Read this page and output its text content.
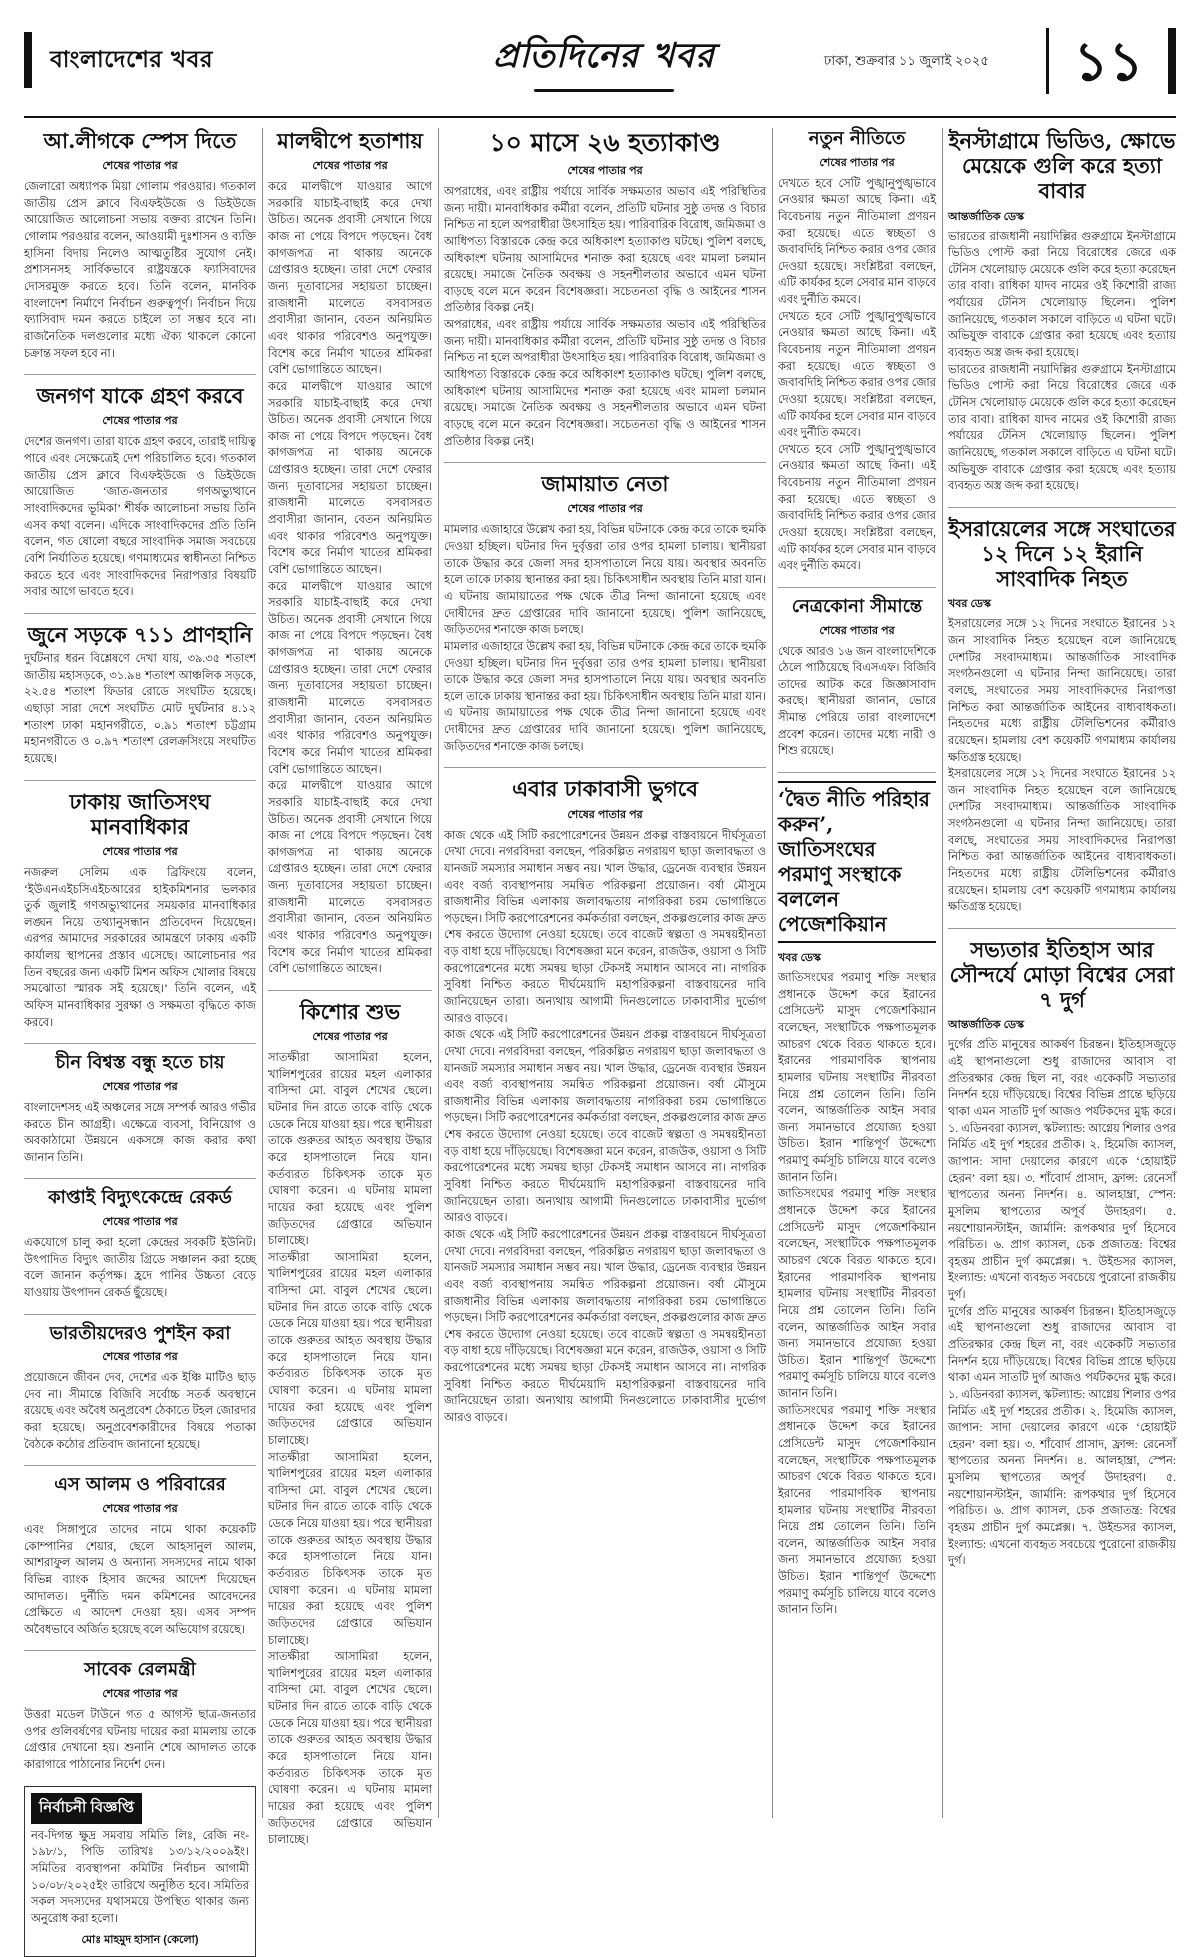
বাংলাদেশের খবর	প্রতিদিনের খবর	ঢাকা, শুক্রবার ১১ জুলাই ২০২৫	১১
আ.লীগকে স্পেস দিতে
শেষের পাতার পর
জেলারো অধ্যাপক মিয়া গোলাম পরওয়ার। গতকাল জাতীয় প্রেস ক্লাবে বিএফইউজে ও ডিইউজে আয়োজিত আলোচনা সভায় বক্তব্য রাখেন তিনি। গোলাম পরওয়ার বলেন, আওয়ামী দুঃশাসন ও ব্যক্তি হাসিনা বিদায় নিলেও আত্মতুষ্টির সুযোগ নেই। প্রশাসনসহ সার্বিকভাবে রাষ্ট্রযন্ত্রকে ফ্যাসিবাদের দোসরমুক্ত করতে হবে। তিনি বলেন, মানবিক বাংলাদেশ নির্মাণে নির্বাচন গুরুত্বপূর্ণ। নির্বাচন দিয়ে ফ্যাসিবাদ দমন করতে চাইলে তা সম্ভব হবে না। রাজনৈতিক দলগুলোর মধ্যে ঐক্য থাকলে কোনো চক্রান্ত সফল হবে না।
জনগণ যাকে গ্রহণ করবে
শেষের পাতার পর
দেশের জনগণ। তারা যাকে গ্রহণ করবে, তারাই দায়িত্ব পাবে এবং সেক্ষেত্রেই দেশ পরিচালিত হবে। গতকাল জাতীয় প্রেস ক্লাবে বিএফইউজে ও ডিইউজে আয়োজিত ‘জাত-জনতার গণঅভ্যুত্থানে সাংবাদিকদের ভূমিকা’ শীর্ষক আলোচনা সভায় তিনি এসব কথা বলেন। এদিকে সাংবাদিকদের প্রতি তিনি বলেন, গত ষোলো বছরে সাংবাদিক সমাজ সবচেয়ে বেশি নির্যাতিত হয়েছে। গণমাধ্যমের স্বাধীনতা নিশ্চিত করতে হবে এবং সাংবাদিকদের নিরাপত্তার বিষয়টি সবার আগে ভাবতে হবে।
জুনে সড়কে ৭১১ প্রাণহানি
দুর্ঘটনার ধরন বিশ্লেষণে দেখা যায়, ৩৯.৩৫ শতাংশ জাতীয় মহাসড়কে, ৩১.৯৪ শতাংশ আঞ্চলিক সড়কে, ২২.৫৪ শতাংশ ফিডার রোডে সংঘটিত হয়েছে। এছাড়া সারা দেশে সংঘটিত মোট দুর্ঘটনার ৪.১২ শতাংশ ঢাকা মহানগরীতে, ০.৯১ শতাংশ চট্টগ্রাম মহানগরীতে ও ০.৯৭ শতাংশ রেলক্রসিংয়ে সংঘটিত হয়েছে।
ঢাকায় জাতিসংঘ মানবাধিকার
শেষের পাতার পর
নজরুল সেলিম এক ব্রিফিংয়ে বলেন, ‘ইউএনএইচসিএইচআরের হাইকমিশনার ভলকার তুর্ক জুলাই গণঅভ্যুত্থানের সময়কার মানবাধিকার লঙ্ঘন নিয়ে তথ্যানুসন্ধান প্রতিবেদন দিয়েছেন। এরপর আমাদের সরকারের আমন্ত্রণে ঢাকায় একটি কার্যালয় স্থাপনের প্রস্তাব এসেছে। আলোচনার পর তিন বছরের জন্য একটি মিশন অফিস খোলার বিষয়ে সমঝোতা স্মারক সই হয়েছে।’ তিনি বলেন, এই অফিস মানবাধিকার সুরক্ষা ও সক্ষমতা বৃদ্ধিতে কাজ করবে।
চীন বিশ্বস্ত বন্ধু হতে চায়
শেষের পাতার পর
বাংলাদেশসহ এই অঞ্চলের সঙ্গে সম্পর্ক আরও গভীর করতে চীন আগ্রহী। এক্ষেত্রে ব্যবসা, বিনিয়োগ ও অবকাঠামো উন্নয়নে একসঙ্গে কাজ করার কথা জানান তিনি।
কাপ্তাই বিদ্যুৎকেন্দ্রে রেকর্ড
শেষের পাতার পর
একযোগে চালু করা হলো কেন্দ্রের সবকটি ইউনিট। উৎপাদিত বিদ্যুৎ জাতীয় গ্রিডে সঞ্চালন করা হচ্ছে বলে জানান কর্তৃপক্ষ। হ্রদে পানির উচ্চতা বেড়ে যাওয়ায় উৎপাদন রেকর্ড ছুঁয়েছে।
ভারতীয়দেরও পুশইন করা
শেষের পাতার পর
প্রয়োজনে জীবন দেব, দেশের এক ইঞ্চি মাটিও ছাড় দেব না। সীমান্তে বিজিবি সর্বোচ্চ সতর্ক অবস্থানে রয়েছে এবং অবৈধ অনুপ্রবেশ ঠেকাতে টহল জোরদার করা হয়েছে। অনুপ্রবেশকারীদের বিষয়ে পতাকা বৈঠকে কঠোর প্রতিবাদ জানানো হয়েছে।
এস আলম ও পরিবারের
শেষের পাতার পর
এবং সিঙ্গাপুরে তাদের নামে থাকা কয়েকটি কোম্পানির শেয়ার, ছেলে আহসানুল আলম, আশরাফুল আলম ও অন্যান্য সদস্যদের নামে থাকা বিভিন্ন ব্যাংক হিসাব জব্দের আদেশ দিয়েছেন আদালত। দুর্নীতি দমন কমিশনের আবেদনের প্রেক্ষিতে এ আদেশ দেওয়া হয়। এসব সম্পদ অবৈধভাবে অর্জিত হয়েছে বলে অভিযোগ রয়েছে।
সাবেক রেলমন্ত্রী
শেষের পাতার পর
উত্তরা মডেল টাউনে গত ৫ আগস্ট ছাত্র-জনতার ওপর গুলিবর্ষণের ঘটনায় দায়ের করা মামলায় তাকে গ্রেপ্তার দেখানো হয়। শুনানি শেষে আদালত তাকে কারাগারে পাঠানোর নির্দেশ দেন।
নির্বাচনী বিজ্ঞপ্তি
নব-দিগন্ত ক্ষুদ্র সমবায় সমিতি লিঃ, রেজি নং- ১৯৮/১, পিডি তারিখঃ ১৩/১২/২০০৯ইং। সমিতির ব্যবস্থাপনা কমিটির নির্বাচন আগামী ১০/০৮/২০২৫ইং তারিখে অনুষ্ঠিত হবে। সমিতির সকল সদস্যদের যথাসময়ে উপস্থিত থাকার জন্য অনুরোধ করা হলো।
মোঃ মাহমুদ হাসান (কেলো)
মালদ্বীপে হতাশায়
শেষের পাতার পর
করে মালদ্বীপে যাওয়ার আগে সরকারি যাচাই-বাছাই করে দেখা উচিত। অনেক প্রবাসী সেখানে গিয়ে কাজ না পেয়ে বিপদে পড়ছেন। বৈধ কাগজপত্র না থাকায় অনেকে গ্রেপ্তারও হচ্ছেন। তারা দেশে ফেরার জন্য দূতাবাসের সহায়তা চাচ্ছেন। রাজধানী মালেতে বসবাসরত প্রবাসীরা জানান, বেতন অনিয়মিত এবং থাকার পরিবেশও অনুপযুক্ত। বিশেষ করে নির্মাণ খাতের শ্রমিকরা বেশি ভোগান্তিতে আছেন।
করে মালদ্বীপে যাওয়ার আগে সরকারি যাচাই-বাছাই করে দেখা উচিত। অনেক প্রবাসী সেখানে গিয়ে কাজ না পেয়ে বিপদে পড়ছেন। বৈধ কাগজপত্র না থাকায় অনেকে গ্রেপ্তারও হচ্ছেন। তারা দেশে ফেরার জন্য দূতাবাসের সহায়তা চাচ্ছেন। রাজধানী মালেতে বসবাসরত প্রবাসীরা জানান, বেতন অনিয়মিত এবং থাকার পরিবেশও অনুপযুক্ত। বিশেষ করে নির্মাণ খাতের শ্রমিকরা বেশি ভোগান্তিতে আছেন।
করে মালদ্বীপে যাওয়ার আগে সরকারি যাচাই-বাছাই করে দেখা উচিত। অনেক প্রবাসী সেখানে গিয়ে কাজ না পেয়ে বিপদে পড়ছেন। বৈধ কাগজপত্র না থাকায় অনেকে গ্রেপ্তারও হচ্ছেন। তারা দেশে ফেরার জন্য দূতাবাসের সহায়তা চাচ্ছেন। রাজধানী মালেতে বসবাসরত প্রবাসীরা জানান, বেতন অনিয়মিত এবং থাকার পরিবেশও অনুপযুক্ত। বিশেষ করে নির্মাণ খাতের শ্রমিকরা বেশি ভোগান্তিতে আছেন।
করে মালদ্বীপে যাওয়ার আগে সরকারি যাচাই-বাছাই করে দেখা উচিত। অনেক প্রবাসী সেখানে গিয়ে কাজ না পেয়ে বিপদে পড়ছেন। বৈধ কাগজপত্র না থাকায় অনেকে গ্রেপ্তারও হচ্ছেন। তারা দেশে ফেরার জন্য দূতাবাসের সহায়তা চাচ্ছেন। রাজধানী মালেতে বসবাসরত প্রবাসীরা জানান, বেতন অনিয়মিত এবং থাকার পরিবেশও অনুপযুক্ত। বিশেষ করে নির্মাণ খাতের শ্রমিকরা বেশি ভোগান্তিতে আছেন।
কিশোর শুভ
শেষের পাতার পর
সাতক্ষীরা আসামিরা হলেন, খালিশপুরের রায়ের মহল এলাকার বাসিন্দা মো. বাবুল শেখের ছেলে। ঘটনার দিন রাতে তাকে বাড়ি থেকে ডেকে নিয়ে যাওয়া হয়। পরে স্থানীয়রা তাকে গুরুতর আহত অবস্থায় উদ্ধার করে হাসপাতালে নিয়ে যান। কর্তব্যরত চিকিৎসক তাকে মৃত ঘোষণা করেন। এ ঘটনায় মামলা দায়ের করা হয়েছে এবং পুলিশ জড়িতদের গ্রেপ্তারে অভিযান চালাচ্ছে।
সাতক্ষীরা আসামিরা হলেন, খালিশপুরের রায়ের মহল এলাকার বাসিন্দা মো. বাবুল শেখের ছেলে। ঘটনার দিন রাতে তাকে বাড়ি থেকে ডেকে নিয়ে যাওয়া হয়। পরে স্থানীয়রা তাকে গুরুতর আহত অবস্থায় উদ্ধার করে হাসপাতালে নিয়ে যান। কর্তব্যরত চিকিৎসক তাকে মৃত ঘোষণা করেন। এ ঘটনায় মামলা দায়ের করা হয়েছে এবং পুলিশ জড়িতদের গ্রেপ্তারে অভিযান চালাচ্ছে।
সাতক্ষীরা আসামিরা হলেন, খালিশপুরের রায়ের মহল এলাকার বাসিন্দা মো. বাবুল শেখের ছেলে। ঘটনার দিন রাতে তাকে বাড়ি থেকে ডেকে নিয়ে যাওয়া হয়। পরে স্থানীয়রা তাকে গুরুতর আহত অবস্থায় উদ্ধার করে হাসপাতালে নিয়ে যান। কর্তব্যরত চিকিৎসক তাকে মৃত ঘোষণা করেন। এ ঘটনায় মামলা দায়ের করা হয়েছে এবং পুলিশ জড়িতদের গ্রেপ্তারে অভিযান চালাচ্ছে।
সাতক্ষীরা আসামিরা হলেন, খালিশপুরের রায়ের মহল এলাকার বাসিন্দা মো. বাবুল শেখের ছেলে। ঘটনার দিন রাতে তাকে বাড়ি থেকে ডেকে নিয়ে যাওয়া হয়। পরে স্থানীয়রা তাকে গুরুতর আহত অবস্থায় উদ্ধার করে হাসপাতালে নিয়ে যান। কর্তব্যরত চিকিৎসক তাকে মৃত ঘোষণা করেন। এ ঘটনায় মামলা দায়ের করা হয়েছে এবং পুলিশ জড়িতদের গ্রেপ্তারে অভিযান চালাচ্ছে।
১০ মাসে ২৬ হত্যাকাণ্ড
শেষের পাতার পর
অপরাধের, এবং রাষ্ট্রীয় পর্যায়ে সার্বিক সক্ষমতার অভাব এই পরিস্থিতির জন্য দায়ী। মানবাধিকার কর্মীরা বলেন, প্রতিটি ঘটনার সুষ্ঠু তদন্ত ও বিচার নিশ্চিত না হলে অপরাধীরা উৎসাহিত হয়। পারিবারিক বিরোধ, জমিজমা ও আধিপত্য বিস্তারকে কেন্দ্র করে অধিকাংশ হত্যাকাণ্ড ঘটছে। পুলিশ বলছে, অধিকাংশ ঘটনায় আসামিদের শনাক্ত করা হয়েছে এবং মামলা চলমান রয়েছে। সমাজে নৈতিক অবক্ষয় ও সহনশীলতার অভাবে এমন ঘটনা বাড়ছে বলে মনে করেন বিশেষজ্ঞরা। সচেতনতা বৃদ্ধি ও আইনের শাসন প্রতিষ্ঠার বিকল্প নেই।
অপরাধের, এবং রাষ্ট্রীয় পর্যায়ে সার্বিক সক্ষমতার অভাব এই পরিস্থিতির জন্য দায়ী। মানবাধিকার কর্মীরা বলেন, প্রতিটি ঘটনার সুষ্ঠু তদন্ত ও বিচার নিশ্চিত না হলে অপরাধীরা উৎসাহিত হয়। পারিবারিক বিরোধ, জমিজমা ও আধিপত্য বিস্তারকে কেন্দ্র করে অধিকাংশ হত্যাকাণ্ড ঘটছে। পুলিশ বলছে, অধিকাংশ ঘটনায় আসামিদের শনাক্ত করা হয়েছে এবং মামলা চলমান রয়েছে। সমাজে নৈতিক অবক্ষয় ও সহনশীলতার অভাবে এমন ঘটনা বাড়ছে বলে মনে করেন বিশেষজ্ঞরা। সচেতনতা বৃদ্ধি ও আইনের শাসন প্রতিষ্ঠার বিকল্প নেই।
জামায়াত নেতা
শেষের পাতার পর
মামলার এজাহারে উল্লেখ করা হয়, বিভিন্ন ঘটনাকে কেন্দ্র করে তাকে হুমকি দেওয়া হচ্ছিল। ঘটনার দিন দুর্বৃত্তরা তার ওপর হামলা চালায়। স্থানীয়রা তাকে উদ্ধার করে জেলা সদর হাসপাতালে নিয়ে যায়। অবস্থার অবনতি হলে তাকে ঢাকায় স্থানান্তর করা হয়। চিকিৎসাধীন অবস্থায় তিনি মারা যান। এ ঘটনায় জামায়াতের পক্ষ থেকে তীব্র নিন্দা জানানো হয়েছে এবং দোষীদের দ্রুত গ্রেপ্তারের দাবি জানানো হয়েছে। পুলিশ জানিয়েছে, জড়িতদের শনাক্তে কাজ চলছে।
মামলার এজাহারে উল্লেখ করা হয়, বিভিন্ন ঘটনাকে কেন্দ্র করে তাকে হুমকি দেওয়া হচ্ছিল। ঘটনার দিন দুর্বৃত্তরা তার ওপর হামলা চালায়। স্থানীয়রা তাকে উদ্ধার করে জেলা সদর হাসপাতালে নিয়ে যায়। অবস্থার অবনতি হলে তাকে ঢাকায় স্থানান্তর করা হয়। চিকিৎসাধীন অবস্থায় তিনি মারা যান। এ ঘটনায় জামায়াতের পক্ষ থেকে তীব্র নিন্দা জানানো হয়েছে এবং দোষীদের দ্রুত গ্রেপ্তারের দাবি জানানো হয়েছে। পুলিশ জানিয়েছে, জড়িতদের শনাক্তে কাজ চলছে।
এবার ঢাকাবাসী ভুগবে
শেষের পাতার পর
কাজ থেকে এই সিটি করপোরেশনের উন্নয়ন প্রকল্প বাস্তবায়নে দীর্ঘসূত্রতা দেখা দেবে। নগরবিদরা বলছেন, পরিকল্পিত নগরায়ণ ছাড়া জলাবদ্ধতা ও যানজট সমস্যার সমাধান সম্ভব নয়। খাল উদ্ধার, ড্রেনেজ ব্যবস্থার উন্নয়ন এবং বর্জ্য ব্যবস্থাপনায় সমন্বিত পরিকল্পনা প্রয়োজন। বর্ষা মৌসুমে রাজধানীর বিভিন্ন এলাকায় জলাবদ্ধতায় নাগরিকরা চরম ভোগান্তিতে পড়ছেন। সিটি করপোরেশনের কর্মকর্তারা বলছেন, প্রকল্পগুলোর কাজ দ্রুত শেষ করতে উদ্যোগ নেওয়া হয়েছে। তবে বাজেট স্বল্পতা ও সমন্বয়হীনতা বড় বাধা হয়ে দাঁড়িয়েছে। বিশেষজ্ঞরা মনে করেন, রাজউক, ওয়াসা ও সিটি করপোরেশনের মধ্যে সমন্বয় ছাড়া টেকসই সমাধান আসবে না। নাগরিক সুবিধা নিশ্চিত করতে দীর্ঘমেয়াদি মহাপরিকল্পনা বাস্তবায়নের দাবি জানিয়েছেন তারা। অন্যথায় আগামী দিনগুলোতে ঢাকাবাসীর দুর্ভোগ আরও বাড়বে।
কাজ থেকে এই সিটি করপোরেশনের উন্নয়ন প্রকল্প বাস্তবায়নে দীর্ঘসূত্রতা দেখা দেবে। নগরবিদরা বলছেন, পরিকল্পিত নগরায়ণ ছাড়া জলাবদ্ধতা ও যানজট সমস্যার সমাধান সম্ভব নয়। খাল উদ্ধার, ড্রেনেজ ব্যবস্থার উন্নয়ন এবং বর্জ্য ব্যবস্থাপনায় সমন্বিত পরিকল্পনা প্রয়োজন। বর্ষা মৌসুমে রাজধানীর বিভিন্ন এলাকায় জলাবদ্ধতায় নাগরিকরা চরম ভোগান্তিতে পড়ছেন। সিটি করপোরেশনের কর্মকর্তারা বলছেন, প্রকল্পগুলোর কাজ দ্রুত শেষ করতে উদ্যোগ নেওয়া হয়েছে। তবে বাজেট স্বল্পতা ও সমন্বয়হীনতা বড় বাধা হয়ে দাঁড়িয়েছে। বিশেষজ্ঞরা মনে করেন, রাজউক, ওয়াসা ও সিটি করপোরেশনের মধ্যে সমন্বয় ছাড়া টেকসই সমাধান আসবে না। নাগরিক সুবিধা নিশ্চিত করতে দীর্ঘমেয়াদি মহাপরিকল্পনা বাস্তবায়নের দাবি জানিয়েছেন তারা। অন্যথায় আগামী দিনগুলোতে ঢাকাবাসীর দুর্ভোগ আরও বাড়বে।
কাজ থেকে এই সিটি করপোরেশনের উন্নয়ন প্রকল্প বাস্তবায়নে দীর্ঘসূত্রতা দেখা দেবে। নগরবিদরা বলছেন, পরিকল্পিত নগরায়ণ ছাড়া জলাবদ্ধতা ও যানজট সমস্যার সমাধান সম্ভব নয়। খাল উদ্ধার, ড্রেনেজ ব্যবস্থার উন্নয়ন এবং বর্জ্য ব্যবস্থাপনায় সমন্বিত পরিকল্পনা প্রয়োজন। বর্ষা মৌসুমে রাজধানীর বিভিন্ন এলাকায় জলাবদ্ধতায় নাগরিকরা চরম ভোগান্তিতে পড়ছেন। সিটি করপোরেশনের কর্মকর্তারা বলছেন, প্রকল্পগুলোর কাজ দ্রুত শেষ করতে উদ্যোগ নেওয়া হয়েছে। তবে বাজেট স্বল্পতা ও সমন্বয়হীনতা বড় বাধা হয়ে দাঁড়িয়েছে। বিশেষজ্ঞরা মনে করেন, রাজউক, ওয়াসা ও সিটি করপোরেশনের মধ্যে সমন্বয় ছাড়া টেকসই সমাধান আসবে না। নাগরিক সুবিধা নিশ্চিত করতে দীর্ঘমেয়াদি মহাপরিকল্পনা বাস্তবায়নের দাবি জানিয়েছেন তারা। অন্যথায় আগামী দিনগুলোতে ঢাকাবাসীর দুর্ভোগ আরও বাড়বে।
নতুন নীতিতে
শেষের পাতার পর
দেখতে হবে সেটি পুঙ্খানুপুঙ্খভাবে নেওয়ার ক্ষমতা আছে কিনা। এই বিবেচনায় নতুন নীতিমালা প্রণয়ন করা হয়েছে। এতে স্বচ্ছতা ও জবাবদিহি নিশ্চিত করার ওপর জোর দেওয়া হয়েছে। সংশ্লিষ্টরা বলছেন, এটি কার্যকর হলে সেবার মান বাড়বে এবং দুর্নীতি কমবে।
দেখতে হবে সেটি পুঙ্খানুপুঙ্খভাবে নেওয়ার ক্ষমতা আছে কিনা। এই বিবেচনায় নতুন নীতিমালা প্রণয়ন করা হয়েছে। এতে স্বচ্ছতা ও জবাবদিহি নিশ্চিত করার ওপর জোর দেওয়া হয়েছে। সংশ্লিষ্টরা বলছেন, এটি কার্যকর হলে সেবার মান বাড়বে এবং দুর্নীতি কমবে।
দেখতে হবে সেটি পুঙ্খানুপুঙ্খভাবে নেওয়ার ক্ষমতা আছে কিনা। এই বিবেচনায় নতুন নীতিমালা প্রণয়ন করা হয়েছে। এতে স্বচ্ছতা ও জবাবদিহি নিশ্চিত করার ওপর জোর দেওয়া হয়েছে। সংশ্লিষ্টরা বলছেন, এটি কার্যকর হলে সেবার মান বাড়বে এবং দুর্নীতি কমবে।
নেত্রকোনা সীমান্তে
শেষের পাতার পর
থেকে আরও ১৬ জন বাংলাদেশিকে ঠেলে পাঠিয়েছে বিএসএফ। বিজিবি তাদের আটক করে জিজ্ঞাসাবাদ করছে। স্থানীয়রা জানান, ভোরে সীমান্ত পেরিয়ে তারা বাংলাদেশে প্রবেশ করেন। তাদের মধ্যে নারী ও শিশু রয়েছে।
‘দ্বৈত নীতি পরিহার করুন’, জাতিসংঘের পরমাণু সংস্থাকে বললেন পেজেশকিয়ান
খবর ডেস্ক
জাতিসংঘের পরমাণু শক্তি সংস্থার প্রধানকে উদ্দেশ করে ইরানের প্রেসিডেন্ট মাসুদ পেজেশকিয়ান বলেছেন, সংস্থাটিকে পক্ষপাতমূলক আচরণ থেকে বিরত থাকতে হবে। ইরানের পারমাণবিক স্থাপনায় হামলার ঘটনায় সংস্থাটির নীরবতা নিয়ে প্রশ্ন তোলেন তিনি। তিনি বলেন, আন্তর্জাতিক আইন সবার জন্য সমানভাবে প্রযোজ্য হওয়া উচিত। ইরান শান্তিপূর্ণ উদ্দেশ্যে পরমাণু কর্মসূচি চালিয়ে যাবে বলেও জানান তিনি।
জাতিসংঘের পরমাণু শক্তি সংস্থার প্রধানকে উদ্দেশ করে ইরানের প্রেসিডেন্ট মাসুদ পেজেশকিয়ান বলেছেন, সংস্থাটিকে পক্ষপাতমূলক আচরণ থেকে বিরত থাকতে হবে। ইরানের পারমাণবিক স্থাপনায় হামলার ঘটনায় সংস্থাটির নীরবতা নিয়ে প্রশ্ন তোলেন তিনি। তিনি বলেন, আন্তর্জাতিক আইন সবার জন্য সমানভাবে প্রযোজ্য হওয়া উচিত। ইরান শান্তিপূর্ণ উদ্দেশ্যে পরমাণু কর্মসূচি চালিয়ে যাবে বলেও জানান তিনি।
জাতিসংঘের পরমাণু শক্তি সংস্থার প্রধানকে উদ্দেশ করে ইরানের প্রেসিডেন্ট মাসুদ পেজেশকিয়ান বলেছেন, সংস্থাটিকে পক্ষপাতমূলক আচরণ থেকে বিরত থাকতে হবে। ইরানের পারমাণবিক স্থাপনায় হামলার ঘটনায় সংস্থাটির নীরবতা নিয়ে প্রশ্ন তোলেন তিনি। তিনি বলেন, আন্তর্জাতিক আইন সবার জন্য সমানভাবে প্রযোজ্য হওয়া উচিত। ইরান শান্তিপূর্ণ উদ্দেশ্যে পরমাণু কর্মসূচি চালিয়ে যাবে বলেও জানান তিনি।
ইনস্টাগ্রামে ভিডিও, ক্ষোভে মেয়েকে গুলি করে হত্যা বাবার
আন্তর্জাতিক ডেস্ক
ভারতের রাজধানী নয়াদিল্লির গুরুগ্রামে ইনস্টাগ্রামে ভিডিও পোস্ট করা নিয়ে বিরোধের জেরে এক টেনিস খেলোয়াড় মেয়েকে গুলি করে হত্যা করেছেন তার বাবা। রাধিকা যাদব নামের ওই কিশোরী রাজ্য পর্যায়ের টেনিস খেলোয়াড় ছিলেন। পুলিশ জানিয়েছে, গতকাল সকালে বাড়িতে এ ঘটনা ঘটে। অভিযুক্ত বাবাকে গ্রেপ্তার করা হয়েছে এবং হত্যায় ব্যবহৃত অস্ত্র জব্দ করা হয়েছে।
ভারতের রাজধানী নয়াদিল্লির গুরুগ্রামে ইনস্টাগ্রামে ভিডিও পোস্ট করা নিয়ে বিরোধের জেরে এক টেনিস খেলোয়াড় মেয়েকে গুলি করে হত্যা করেছেন তার বাবা। রাধিকা যাদব নামের ওই কিশোরী রাজ্য পর্যায়ের টেনিস খেলোয়াড় ছিলেন। পুলিশ জানিয়েছে, গতকাল সকালে বাড়িতে এ ঘটনা ঘটে। অভিযুক্ত বাবাকে গ্রেপ্তার করা হয়েছে এবং হত্যায় ব্যবহৃত অস্ত্র জব্দ করা হয়েছে।
ইসরায়েলের সঙ্গে সংঘাতের ১২ দিনে ১২ ইরানি সাংবাদিক নিহত
খবর ডেস্ক
ইসরায়েলের সঙ্গে ১২ দিনের সংঘাতে ইরানের ১২ জন সাংবাদিক নিহত হয়েছেন বলে জানিয়েছে দেশটির সংবাদমাধ্যম। আন্তর্জাতিক সাংবাদিক সংগঠনগুলো এ ঘটনার নিন্দা জানিয়েছে। তারা বলছে, সংঘাতের সময় সাংবাদিকদের নিরাপত্তা নিশ্চিত করা আন্তর্জাতিক আইনের বাধ্যবাধকতা। নিহতদের মধ্যে রাষ্ট্রীয় টেলিভিশনের কর্মীরাও রয়েছেন। হামলায় বেশ কয়েকটি গণমাধ্যম কার্যালয় ক্ষতিগ্রস্ত হয়েছে।
ইসরায়েলের সঙ্গে ১২ দিনের সংঘাতে ইরানের ১২ জন সাংবাদিক নিহত হয়েছেন বলে জানিয়েছে দেশটির সংবাদমাধ্যম। আন্তর্জাতিক সাংবাদিক সংগঠনগুলো এ ঘটনার নিন্দা জানিয়েছে। তারা বলছে, সংঘাতের সময় সাংবাদিকদের নিরাপত্তা নিশ্চিত করা আন্তর্জাতিক আইনের বাধ্যবাধকতা। নিহতদের মধ্যে রাষ্ট্রীয় টেলিভিশনের কর্মীরাও রয়েছেন। হামলায় বেশ কয়েকটি গণমাধ্যম কার্যালয় ক্ষতিগ্রস্ত হয়েছে।
সভ্যতার ইতিহাস আর সৌন্দর্যে মোড়া বিশ্বের সেরা ৭ দুর্গ
আন্তর্জাতিক ডেস্ক
দুর্গের প্রতি মানুষের আকর্ষণ চিরন্তন। ইতিহাসজুড়ে এই স্থাপনাগুলো শুধু রাজাদের আবাস বা প্রতিরক্ষার কেন্দ্র ছিল না, বরং একেকটি সভ্যতার নিদর্শন হয়ে দাঁড়িয়েছে। বিশ্বের বিভিন্ন প্রান্তে ছড়িয়ে থাকা এমন সাতটি দুর্গ আজও পর্যটকদের মুগ্ধ করে। ১. এডিনবরা ক্যাসল, স্কটল্যান্ড: আগ্নেয় শিলার ওপর নির্মিত এই দুর্গ শহরের প্রতীক। ২. হিমেজি ক্যাসল, জাপান: সাদা দেয়ালের কারণে একে ‘হোয়াইট হেরন’ বলা হয়। ৩. শাঁবোর্দ প্রাসাদ, ফ্রান্স: রেনেসাঁ স্থাপত্যের অনন্য নিদর্শন। ৪. আলহাম্ব্রা, স্পেন: মুসলিম স্থাপত্যের অপূর্ব উদাহরণ। ৫. নয়শোয়ানস্টাইন, জার্মানি: রূপকথার দুর্গ হিসেবে পরিচিত। ৬. প্রাগ ক্যাসল, চেক প্রজাতন্ত্র: বিশ্বের বৃহত্তম প্রাচীন দুর্গ কমপ্লেক্স। ৭. উইন্ডসর ক্যাসল, ইংল্যান্ড: এখনো ব্যবহৃত সবচেয়ে পুরোনো রাজকীয় দুর্গ।
দুর্গের প্রতি মানুষের আকর্ষণ চিরন্তন। ইতিহাসজুড়ে এই স্থাপনাগুলো শুধু রাজাদের আবাস বা প্রতিরক্ষার কেন্দ্র ছিল না, বরং একেকটি সভ্যতার নিদর্শন হয়ে দাঁড়িয়েছে। বিশ্বের বিভিন্ন প্রান্তে ছড়িয়ে থাকা এমন সাতটি দুর্গ আজও পর্যটকদের মুগ্ধ করে। ১. এডিনবরা ক্যাসল, স্কটল্যান্ড: আগ্নেয় শিলার ওপর নির্মিত এই দুর্গ শহরের প্রতীক। ২. হিমেজি ক্যাসল, জাপান: সাদা দেয়ালের কারণে একে ‘হোয়াইট হেরন’ বলা হয়। ৩. শাঁবোর্দ প্রাসাদ, ফ্রান্স: রেনেসাঁ স্থাপত্যের অনন্য নিদর্শন। ৪. আলহাম্ব্রা, স্পেন: মুসলিম স্থাপত্যের অপূর্ব উদাহরণ। ৫. নয়শোয়ানস্টাইন, জার্মানি: রূপকথার দুর্গ হিসেবে পরিচিত। ৬. প্রাগ ক্যাসল, চেক প্রজাতন্ত্র: বিশ্বের বৃহত্তম প্রাচীন দুর্গ কমপ্লেক্স। ৭. উইন্ডসর ক্যাসল, ইংল্যান্ড: এখনো ব্যবহৃত সবচেয়ে পুরোনো রাজকীয় দুর্গ।
